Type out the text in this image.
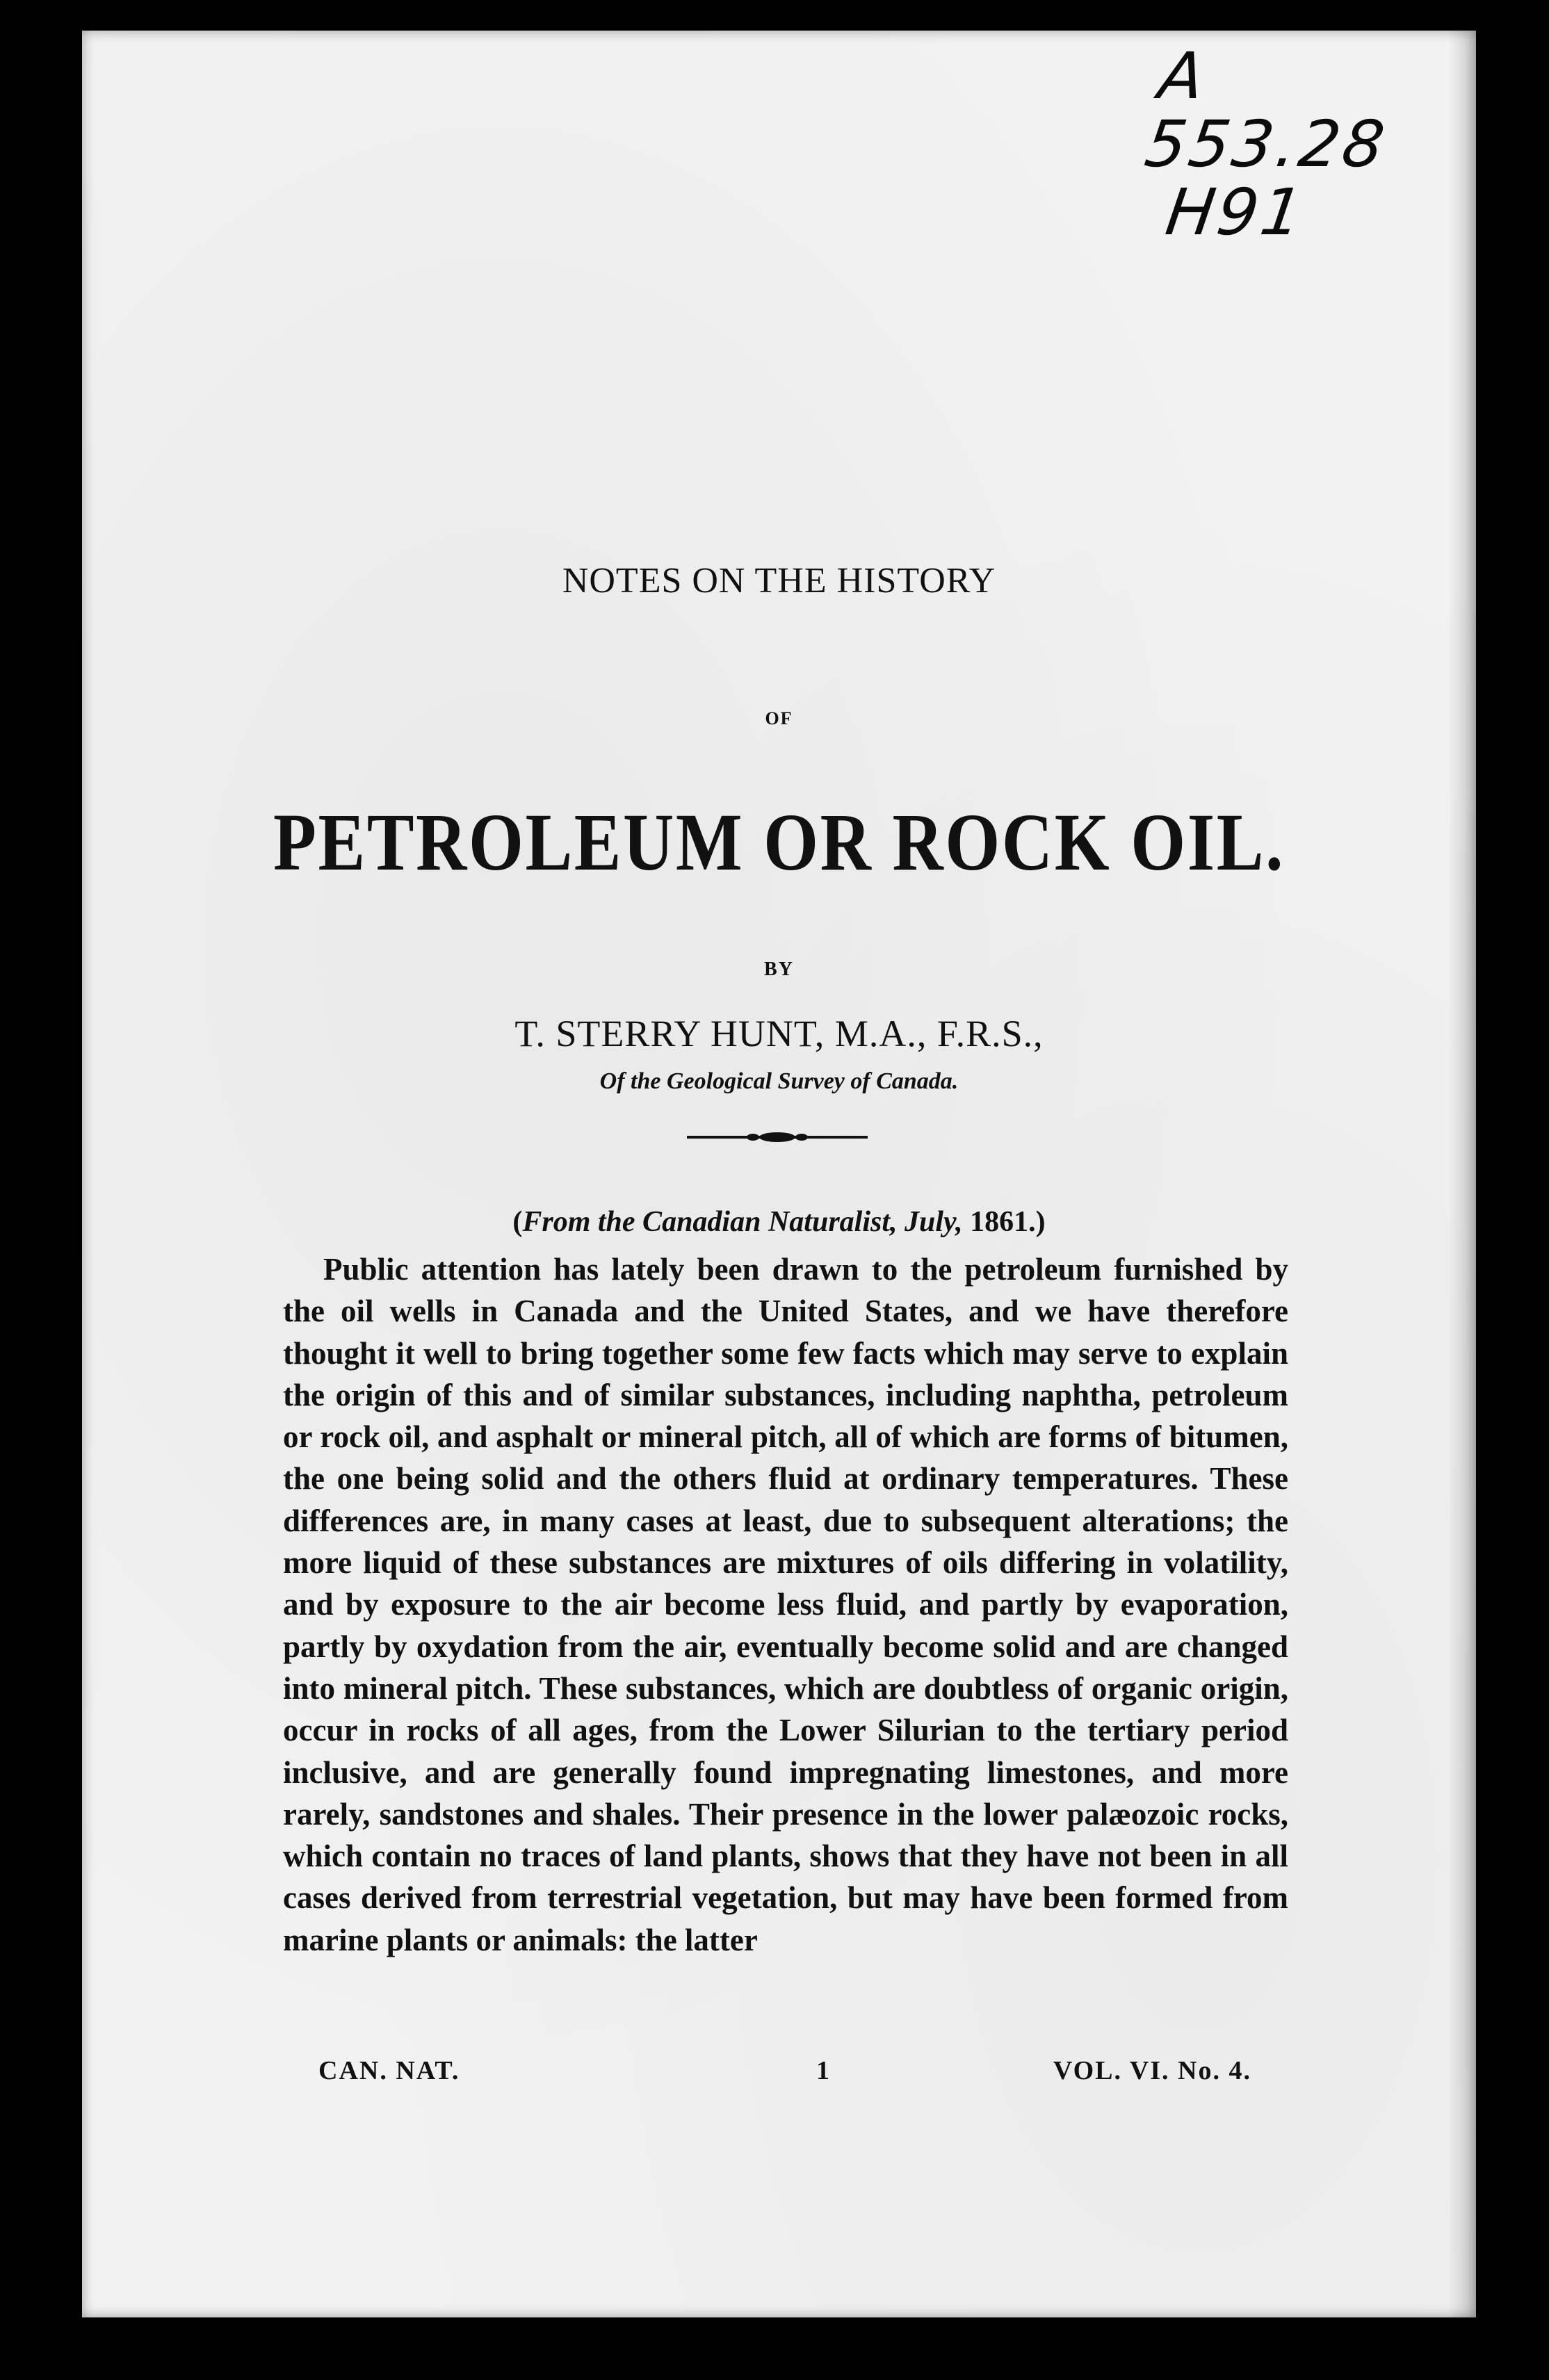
A
553.28
H91
NOTES ON THE HISTORY
OF
PETROLEUM OR ROCK OIL.
BY
T. STERRY HUNT, M.A., F.R.S.,
Of the Geological Survey of Canada.
(From the Canadian Naturalist, July, 1861.)

Public attention has lately been drawn to the petroleum furnished by the oil wells in Canada and the United States, and we have therefore thought it well to bring together some few facts which may serve to explain the origin of this and of similar substances, including naphtha, petroleum or rock oil, and asphalt or mineral pitch, all of which are forms of bitumen, the one being solid and the others fluid at ordinary temperatures. These differences are, in many cases at least, due to subsequent alterations; the more liquid of these substances are mixtures of oils differing in volatility, and by exposure to the air become less fluid, and partly by evaporation, partly by oxydation from the air, eventually become solid and are changed into mineral pitch. These substances, which are doubtless of organic origin, occur in rocks of all ages, from the Lower Silurian to the tertiary period inclusive, and are generally found impregnating limestones, and more rarely, sandstones and shales. Their presence in the lower palæozoic rocks, which contain no traces of land plants, shows that they have not been in all cases derived from terrestrial vegetation, but may have been formed from marine plants or animals: the latter

CAN. NAT.	1	VOL. VI. No. 4.
